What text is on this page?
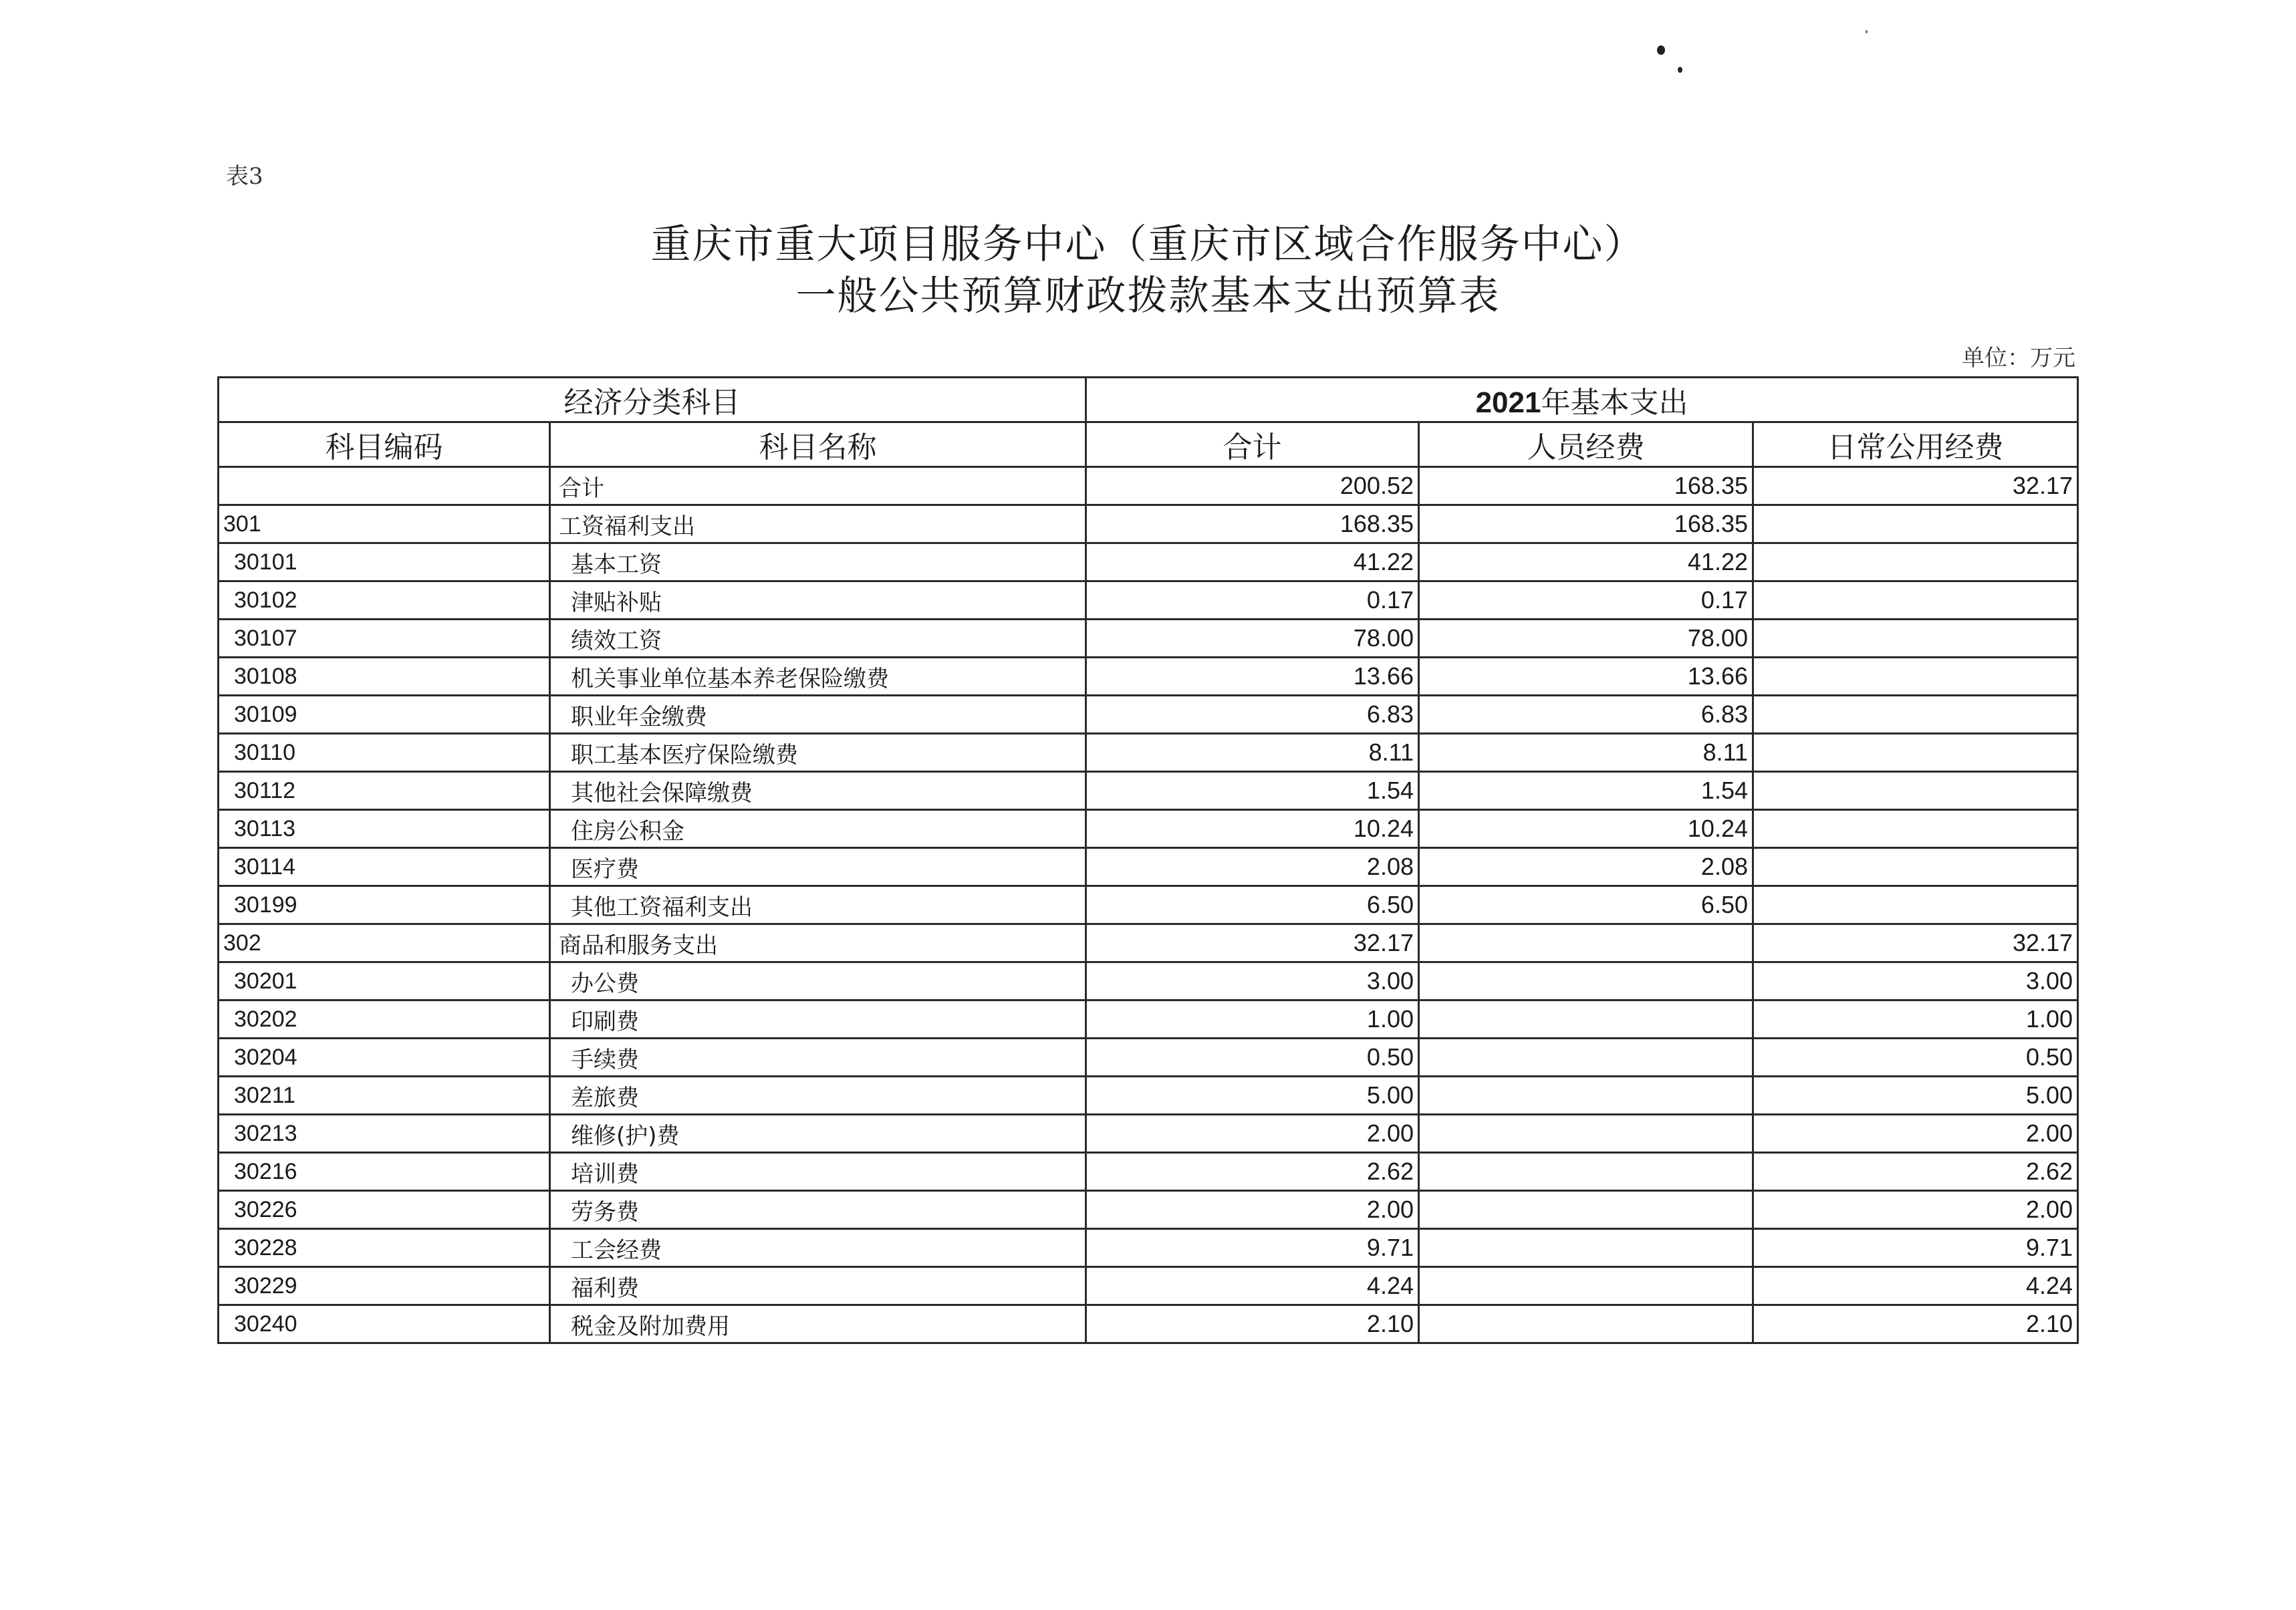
表3
重庆市重大项目服务中心（重庆市区域合作服务中心）
一般公共预算财政拨款基本支出预算表
单位：万元
经济分类科目		2021年基本支出		
科目编码	科目名称	合计	人员经费	日常公用经费
	合计	200.52	168.35	32.17
301	工资福利支出	168.35	168.35	
30101	基本工资	41.22	41.22	
30102	津贴补贴	0.17	0.17	
30107	绩效工资	78.00	78.00	
30108	机关事业单位基本养老保险缴费	13.66	13.66	
30109	职业年金缴费	6.83	6.83	
30110	职工基本医疗保险缴费	8.11	8.11	
30112	其他社会保障缴费	1.54	1.54	
30113	住房公积金	10.24	10.24	
30114	医疗费	2.08	2.08	
30199	其他工资福利支出	6.50	6.50	
302	商品和服务支出	32.17		32.17
30201	办公费	3.00		3.00
30202	印刷费	1.00		1.00
30204	手续费	0.50		0.50
30211	差旅费	5.00		5.00
30213	维修(护)费	2.00		2.00
30216	培训费	2.62		2.62
30226	劳务费	2.00		2.00
30228	工会经费	9.71		9.71
30229	福利费	4.24		4.24
30240	税金及附加费用	2.10		2.10
